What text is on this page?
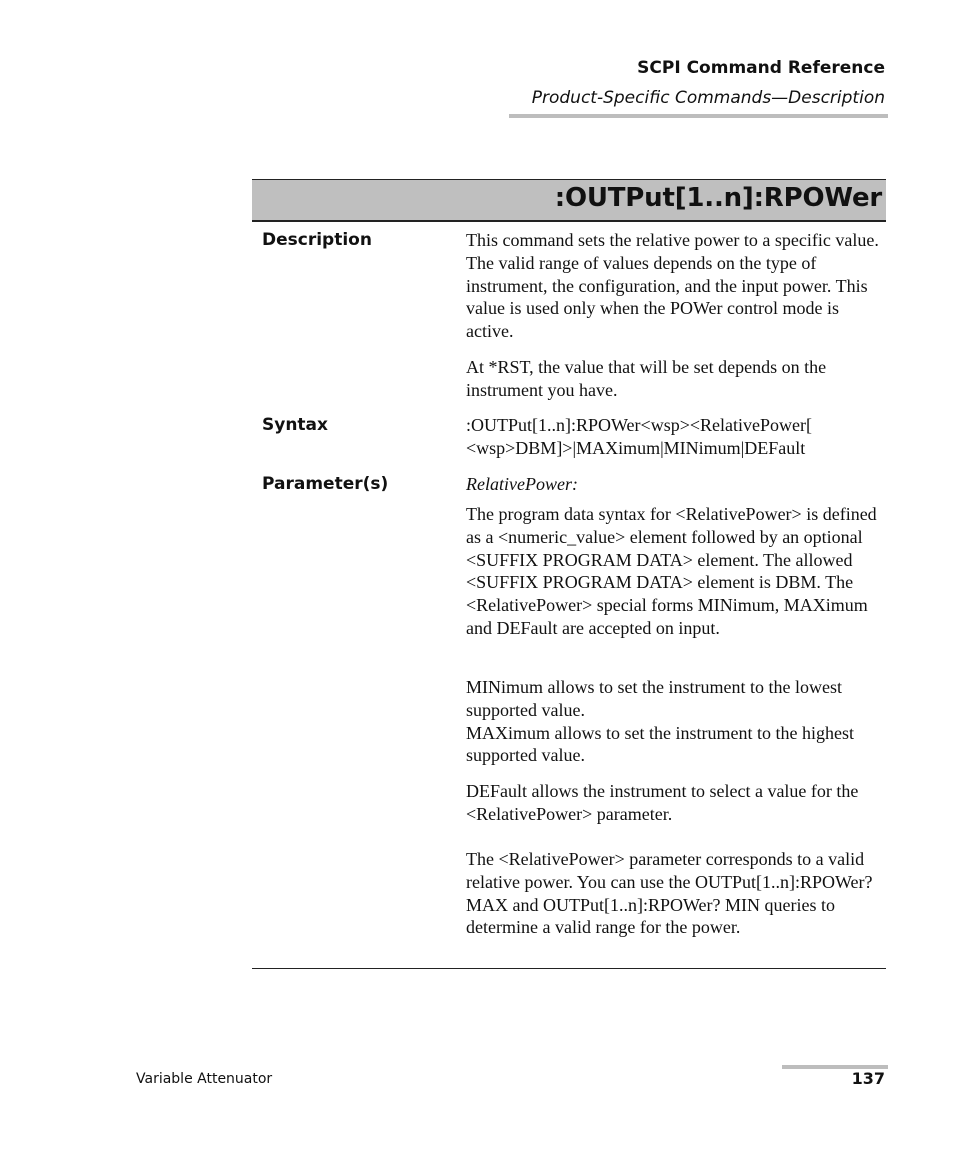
SCPI Command Reference
Product-Specific Commands—Description
:OUTPut[1..n]:RPOWer
Description	This command sets the relative power to a specific value. The valid range of values depends on the type of instrument, the configuration, and the input power. This value is used only when the POWer control mode is active.

At *RST, the value that will be set depends on the instrument you have.

Syntax	:OUTPut[1..n]:RPOWer<wsp><RelativePower[

<wsp>DBM]>|MAXimum|MINimum|DEFault

Parameter(s)	RelativePower:

The program data syntax for <RelativePower> is defined as a <numeric_value> element followed by an optional <SUFFIX PROGRAM DATA> element. The allowed <SUFFIX PROGRAM DATA> element is DBM. The <RelativePower> special forms MINimum, MAXimum and DEFault are accepted on input.

MINimum allows to set the instrument to the lowest supported value.

MAXimum allows to set the instrument to the highest supported value.

DEFault allows the instrument to select a value for the <RelativePower> parameter.

The <RelativePower> parameter corresponds to a valid relative power. You can use the OUTPut[1..n]:RPOWer? MAX and OUTPut[1..n]:RPOWer? MIN queries to determine a valid range for the power.

Variable Attenuator	137
